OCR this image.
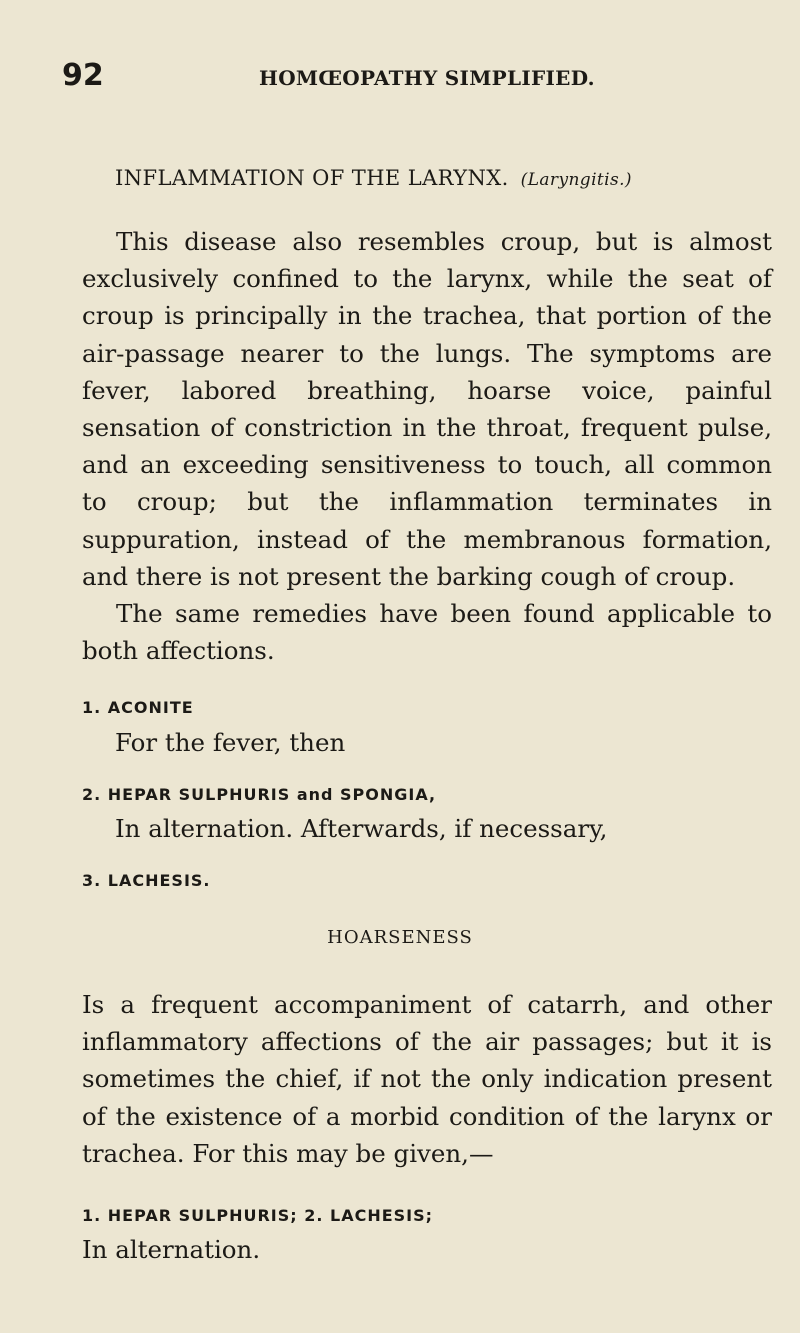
92	HOMŒOPATHY SIMPLIFIED.
INFLAMMATION OF THE LARYNX. (Laryngitis.)

This disease also resembles croup, but is almost exclusively confined to the larynx, while the seat of croup is principally in the trachea, that portion of the air-passage nearer to the lungs. The symptoms are fever, labored breathing, hoarse voice, painful sensation of constriction in the throat, frequent pulse, and an exceeding sensitiveness to touch, all common to croup; but the inflammation terminates in suppuration, instead of the membranous formation, and there is not present the barking cough of croup.

The same remedies have been found applicable to both affections.

1. ACONITE
For the fever, then
2. HEPAR SULPHURIS and SPONGIA,
In alternation. Afterwards, if necessary,
3. LACHESIS.
HOARSENESS

Is a frequent accompaniment of catarrh, and other inflammatory affections of the air passages; but it is sometimes the chief, if not the only indication present of the existence of a morbid condition of the larynx or trachea. For this may be given,—

1. HEPAR SULPHURIS; 2. LACHESIS;
In alternation.
